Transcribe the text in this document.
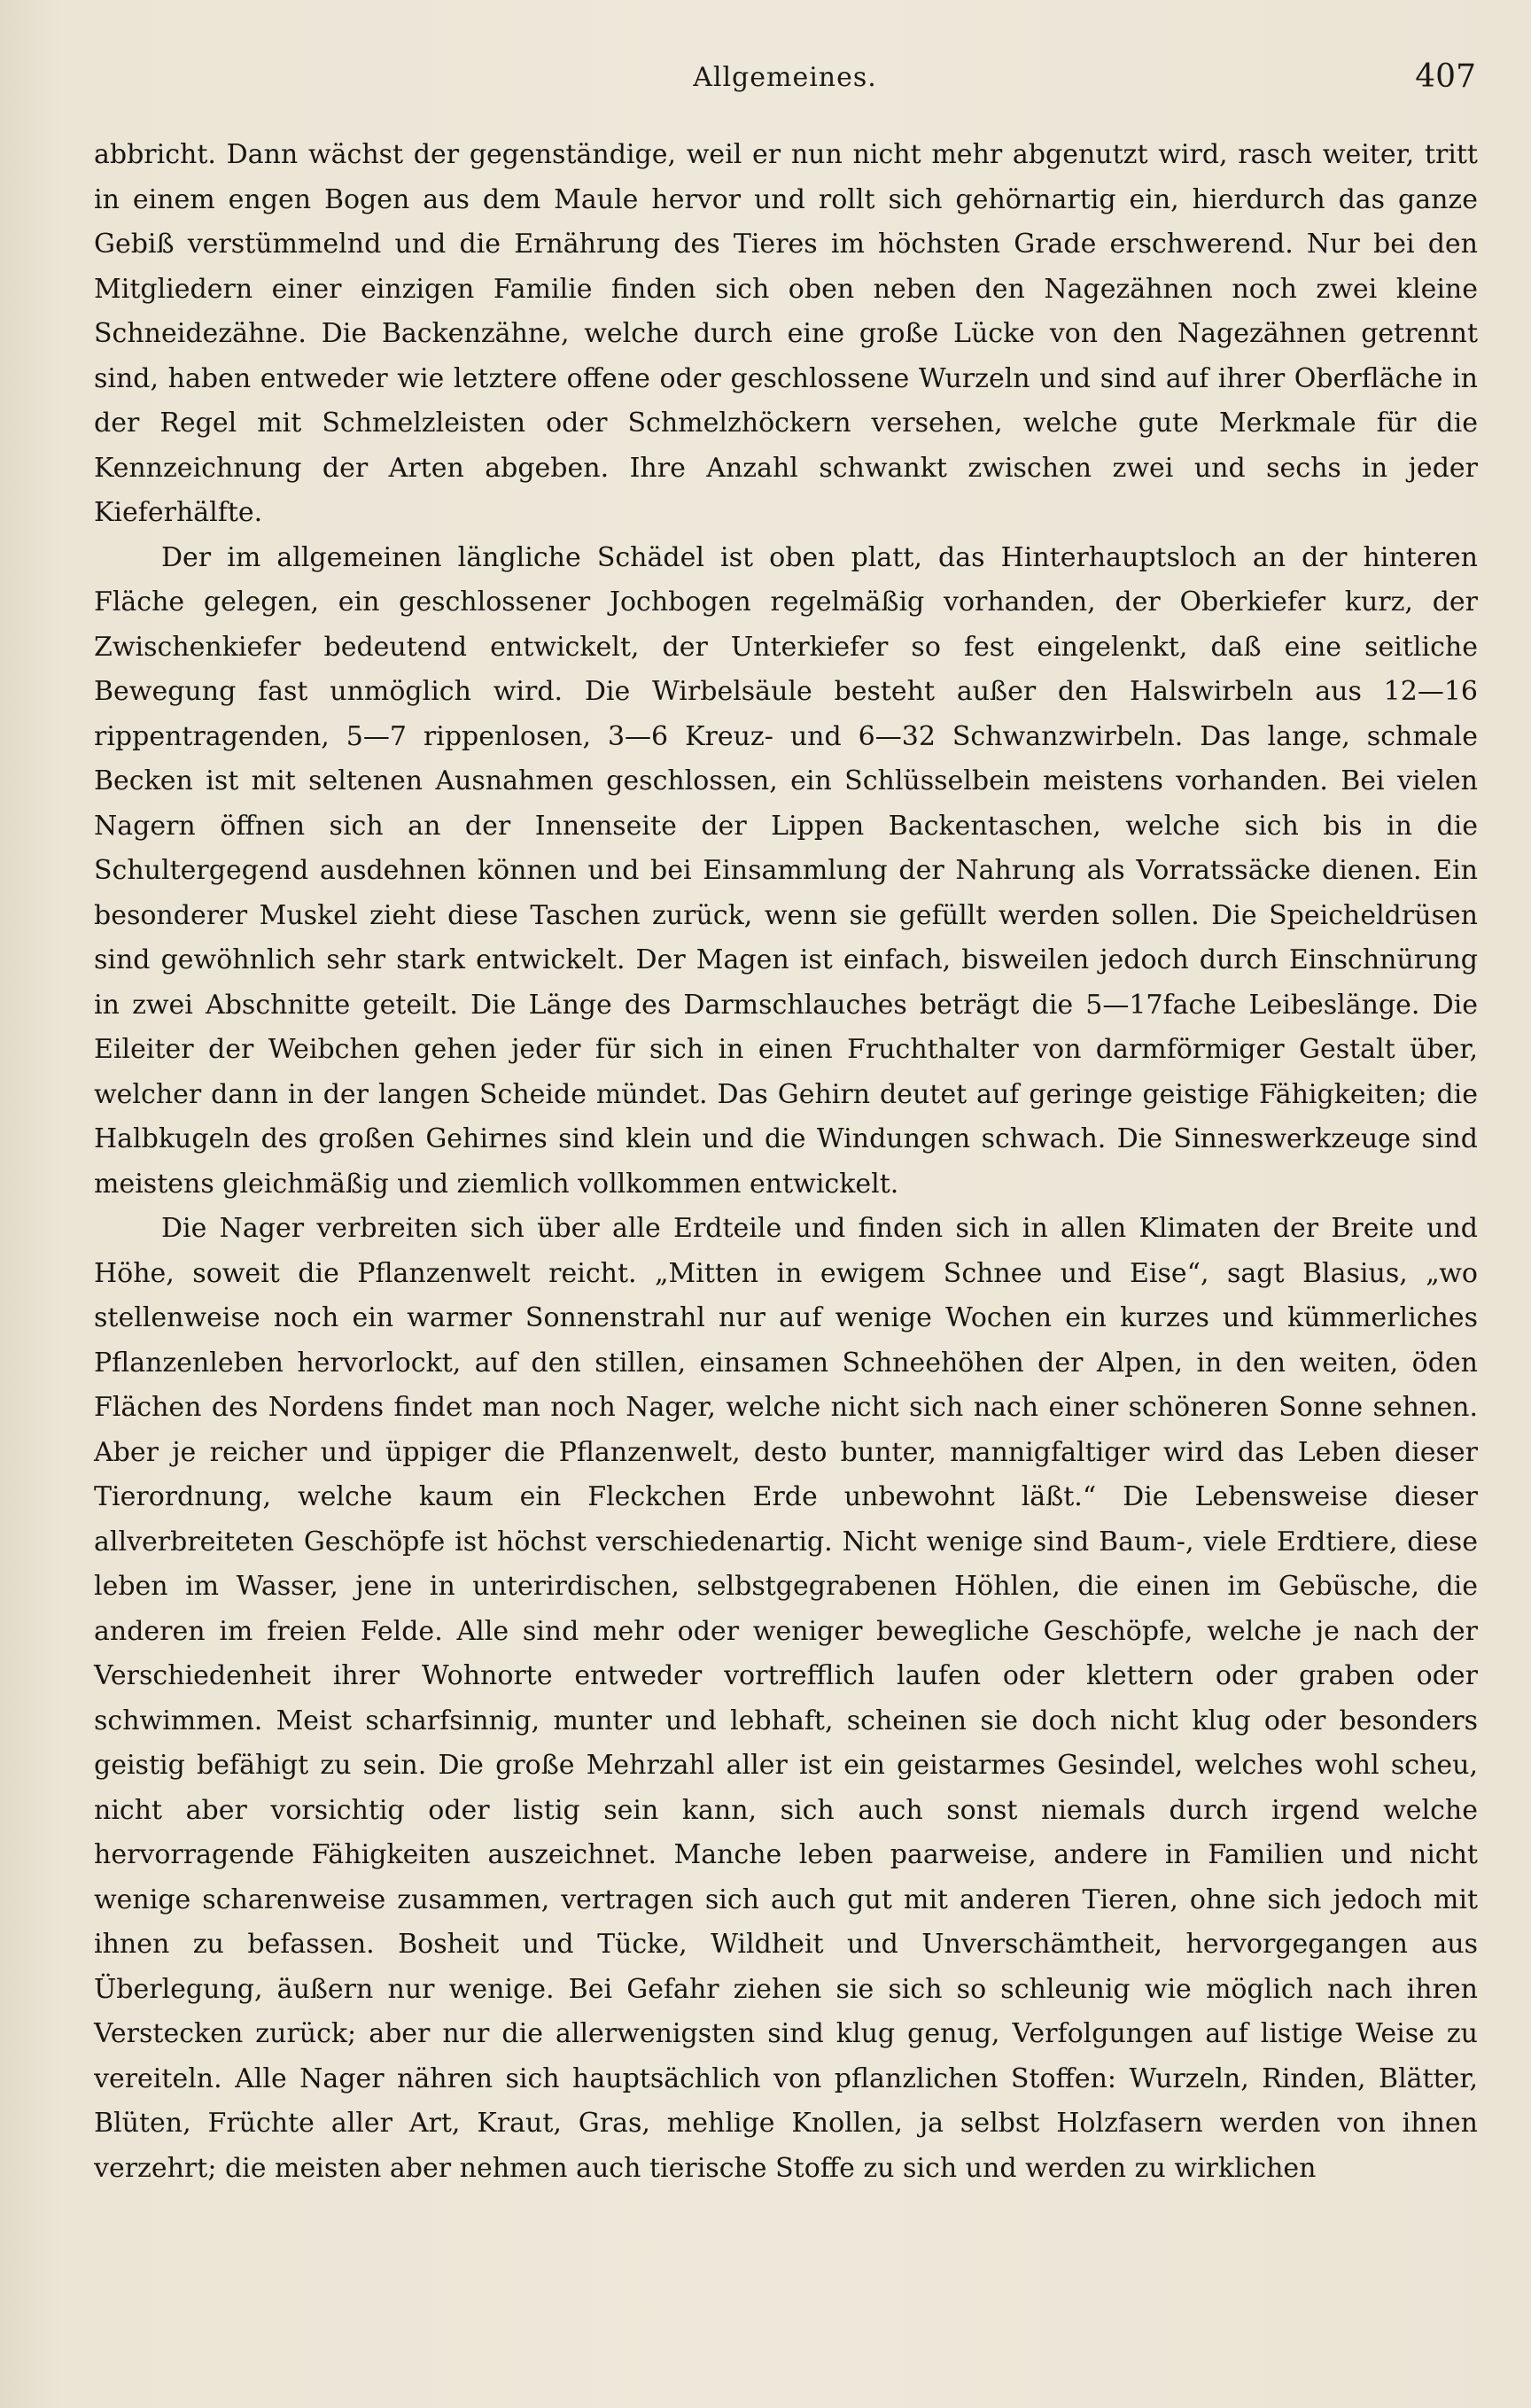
Allgemeines.	407

abbricht. Dann wächst der gegenständige, weil er nun nicht mehr abgenutzt wird, rasch weiter, tritt in einem engen Bogen aus dem Maule hervor und rollt sich gehörnartig ein, hierdurch das ganze Gebiß verstümmelnd und die Ernährung des Tieres im höchsten Grade erschwerend. Nur bei den Mitgliedern einer einzigen Familie finden sich oben neben den Nagezähnen noch zwei kleine Schneidezähne. Die Backenzähne, welche durch eine große Lücke von den Nagezähnen getrennt sind, haben entweder wie letztere offene oder geschlossene Wurzeln und sind auf ihrer Oberfläche in der Regel mit Schmelzleisten oder Schmelzhöckern versehen, welche gute Merkmale für die Kennzeichnung der Arten abgeben. Ihre Anzahl schwankt zwischen zwei und sechs in jeder Kieferhälfte.

Der im allgemeinen längliche Schädel ist oben platt, das Hinterhauptsloch an der hinteren Fläche gelegen, ein geschlossener Jochbogen regelmäßig vorhanden, der Oberkiefer kurz, der Zwischenkiefer bedeutend entwickelt, der Unterkiefer so fest eingelenkt, daß eine seitliche Bewegung fast unmöglich wird. Die Wirbelsäule besteht außer den Halswirbeln aus 12—16 rippentragenden, 5—7 rippenlosen, 3—6 Kreuz- und 6—32 Schwanzwirbeln. Das lange, schmale Becken ist mit seltenen Ausnahmen geschlossen, ein Schlüsselbein meistens vorhanden. Bei vielen Nagern öffnen sich an der Innenseite der Lippen Backentaschen, welche sich bis in die Schultergegend ausdehnen können und bei Einsammlung der Nahrung als Vorratssäcke dienen. Ein besonderer Muskel zieht diese Taschen zurück, wenn sie gefüllt werden sollen. Die Speicheldrüsen sind gewöhnlich sehr stark entwickelt. Der Magen ist einfach, bisweilen jedoch durch Einschnürung in zwei Abschnitte geteilt. Die Länge des Darmschlauches beträgt die 5—17fache Leibeslänge. Die Eileiter der Weibchen gehen jeder für sich in einen Fruchthalter von darmförmiger Gestalt über, welcher dann in der langen Scheide mündet. Das Gehirn deutet auf geringe geistige Fähigkeiten; die Halbkugeln des großen Gehirnes sind klein und die Windungen schwach. Die Sinneswerkzeuge sind meistens gleichmäßig und ziemlich vollkommen entwickelt.

Die Nager verbreiten sich über alle Erdteile und finden sich in allen Klimaten der Breite und Höhe, soweit die Pflanzenwelt reicht. „Mitten in ewigem Schnee und Eise“, sagt Blasius, „wo stellenweise noch ein warmer Sonnenstrahl nur auf wenige Wochen ein kurzes und kümmerliches Pflanzenleben hervorlockt, auf den stillen, einsamen Schneehöhen der Alpen, in den weiten, öden Flächen des Nordens findet man noch Nager, welche nicht sich nach einer schöneren Sonne sehnen. Aber je reicher und üppiger die Pflanzenwelt, desto bunter, mannigfaltiger wird das Leben dieser Tierordnung, welche kaum ein Fleckchen Erde unbewohnt läßt.“ Die Lebensweise dieser allverbreiteten Geschöpfe ist höchst verschiedenartig. Nicht wenige sind Baum-, viele Erdtiere, diese leben im Wasser, jene in unterirdischen, selbstgegrabenen Höhlen, die einen im Gebüsche, die anderen im freien Felde. Alle sind mehr oder weniger bewegliche Geschöpfe, welche je nach der Verschiedenheit ihrer Wohnorte entweder vortrefflich laufen oder klettern oder graben oder schwimmen. Meist scharfsinnig, munter und lebhaft, scheinen sie doch nicht klug oder besonders geistig befähigt zu sein. Die große Mehrzahl aller ist ein geistarmes Gesindel, welches wohl scheu, nicht aber vorsichtig oder listig sein kann, sich auch sonst niemals durch irgend welche hervorragende Fähigkeiten auszeichnet. Manche leben paarweise, andere in Familien und nicht wenige scharenweise zusammen, vertragen sich auch gut mit anderen Tieren, ohne sich jedoch mit ihnen zu befassen. Bosheit und Tücke, Wildheit und Unverschämtheit, hervorgegangen aus Überlegung, äußern nur wenige. Bei Gefahr ziehen sie sich so schleunig wie möglich nach ihren Verstecken zurück; aber nur die allerwenigsten sind klug genug, Verfolgungen auf listige Weise zu vereiteln. Alle Nager nähren sich hauptsächlich von pflanzlichen Stoffen: Wurzeln, Rinden, Blätter, Blüten, Früchte aller Art, Kraut, Gras, mehlige Knollen, ja selbst Holzfasern werden von ihnen verzehrt; die meisten aber nehmen auch tierische Stoffe zu sich und werden zu wirklichen
